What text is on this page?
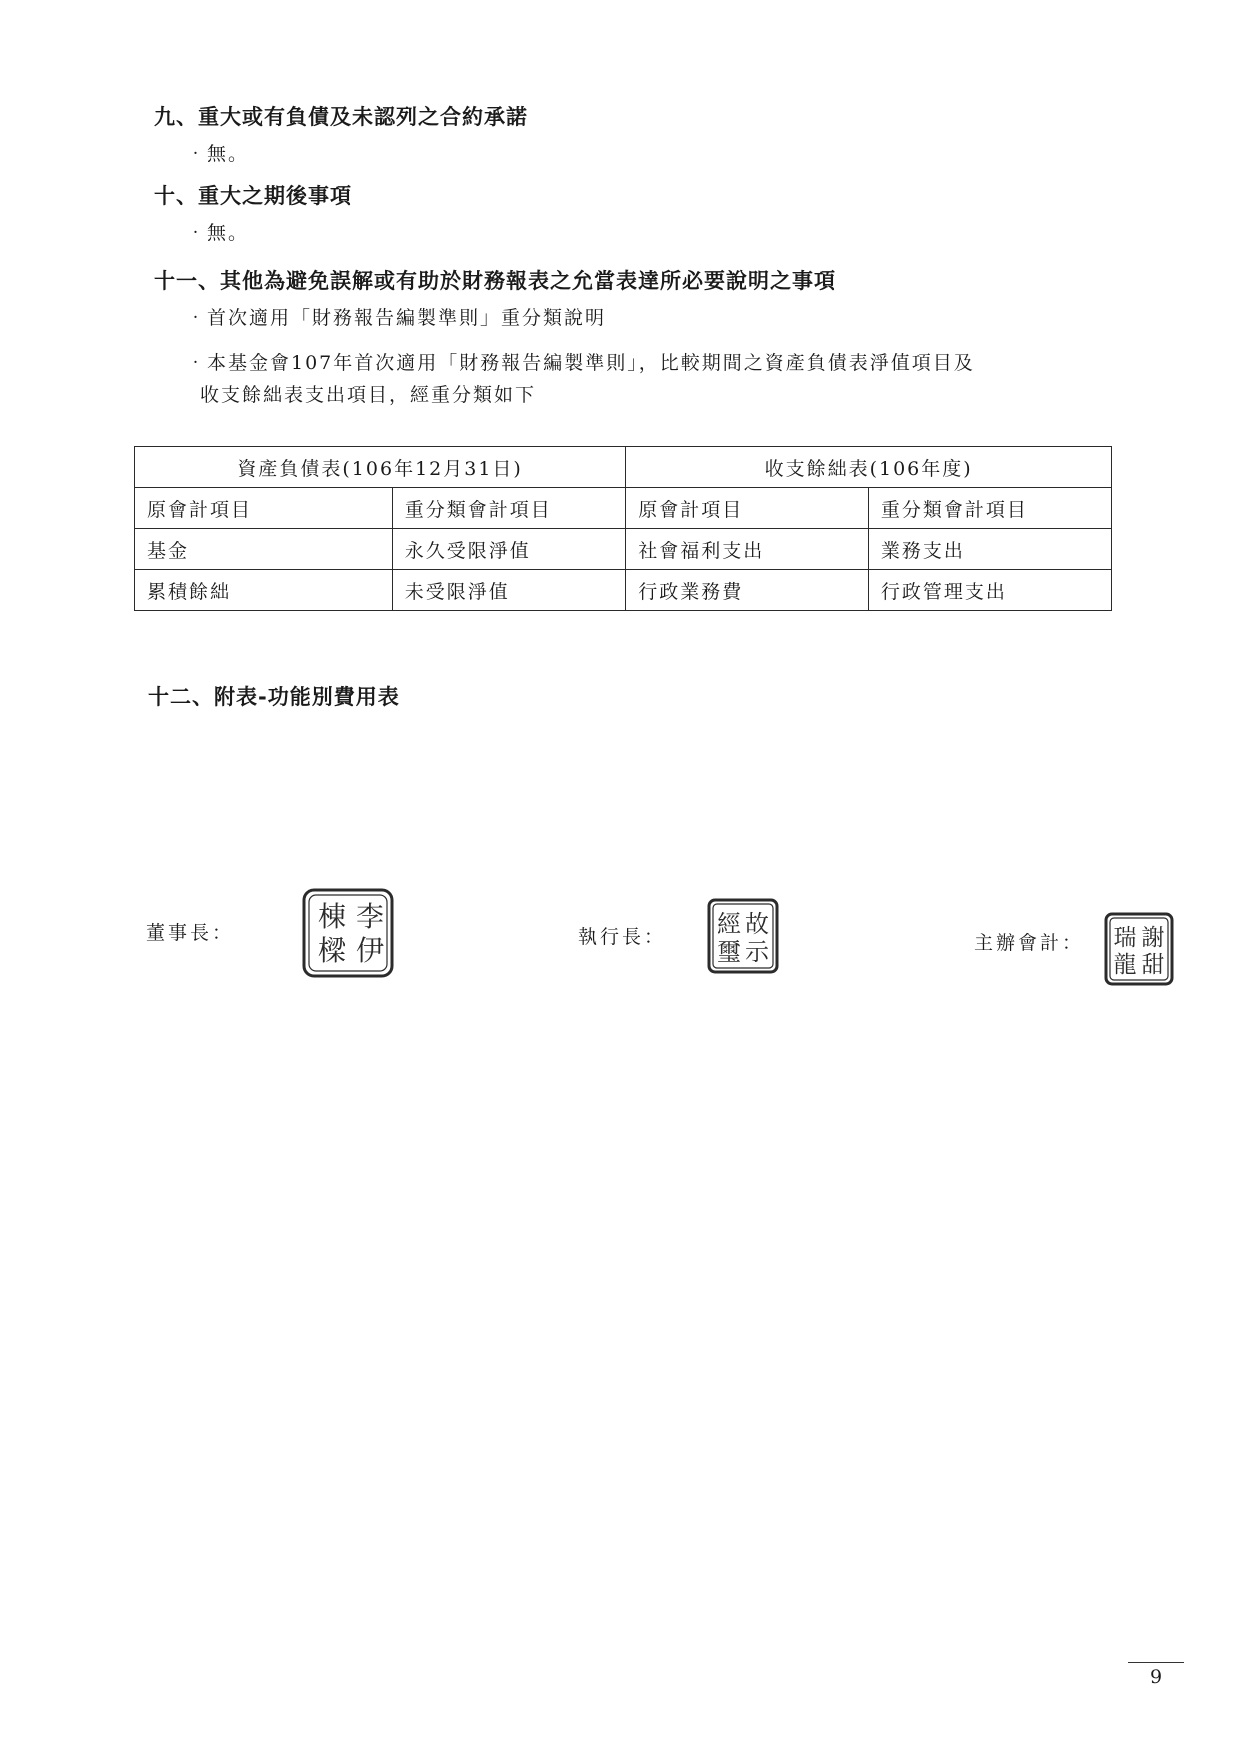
九、重大或有負債及未認列之合約承諾
‧無。
十、重大之期後事項
‧無。
十一、其他為避免誤解或有助於財務報表之允當表達所必要說明之事項
‧首次適用「財務報告編製準則」重分類說明
‧本基金會107年首次適用「財務報告編製準則」，比較期間之資產負債表淨值項目及
收支餘絀表支出項目，經重分類如下
資產負債表(106年12月31日)		收支餘絀表(106年度)	
原會計項目	重分類會計項目	原會計項目	重分類會計項目
基金	永久受限淨值	社會福利支出	業務支出
累積餘絀	未受限淨值	行政業務費	行政管理支出
十二、附表-功能別費用表
董事長：	李
伊
棟
樑	執行長：	故
示
經
璽	主辦會計： 謝
甜
瑞
龍
9
